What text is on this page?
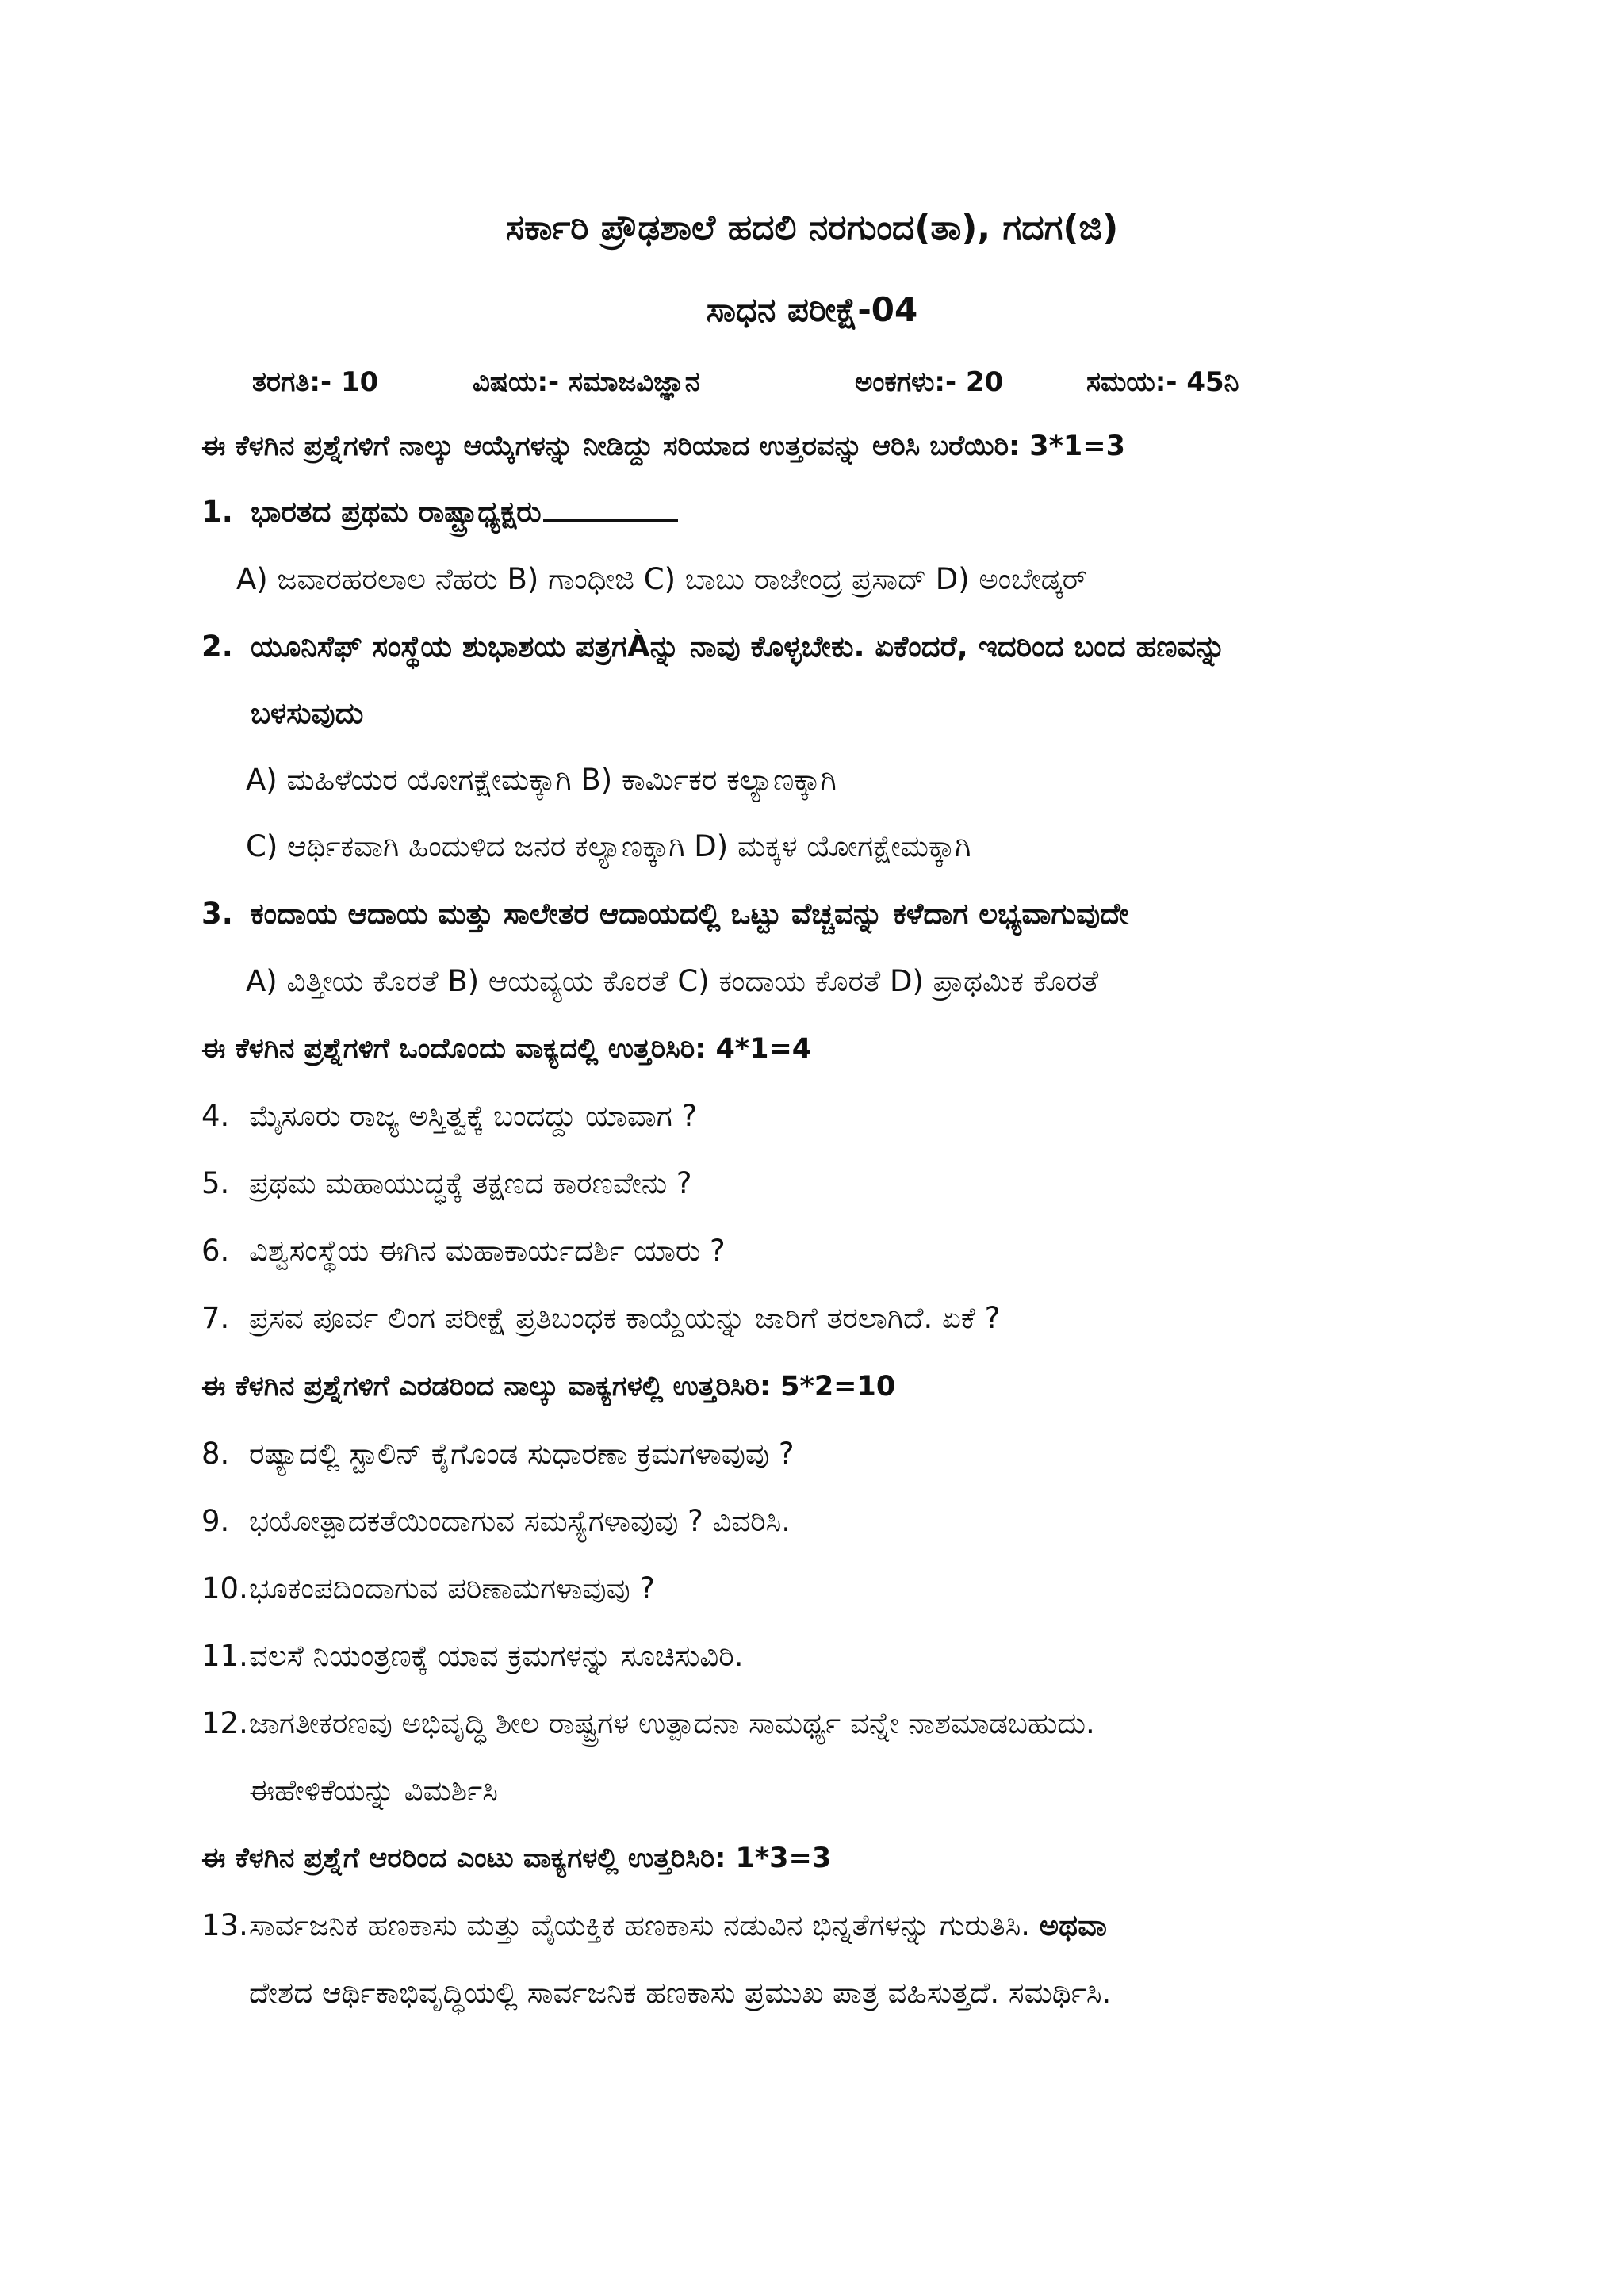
ಸರ್ಕಾರಿ ಪ್ರೌಢಶಾಲೆ ಹದಲಿ ನರಗುಂದ(ತಾ), ಗದಗ(ಜಿ)
ಸಾಧನ ಪರೀಕ್ಷೆ-04
ತರಗತಿ:- 10	ವಿಷಯ:- ಸಮಾಜವಿಜ್ಞಾನ	ಅಂಕಗಳು:- 20	ಸಮಯ:- 45ನಿ
ಈ ಕೆಳಗಿನ ಪ್ರಶ್ನೆಗಳಿಗೆ ನಾಲ್ಕು ಆಯ್ಕೆಗಳನ್ನು ನೀಡಿದ್ದು ಸರಿಯಾದ ಉತ್ತರವನ್ನು ಆರಿಸಿ ಬರೆಯಿರಿ: 3*1=3
1. ಭಾರತದ ಪ್ರಥಮ ರಾಷ್ಟ್ರಾಧ್ಯಕ್ಷರು
A) ಜವಾರಹರಲಾಲ ನೆಹರು B) ಗಾಂಧೀಜಿ C) ಬಾಬು ರಾಜೇಂದ್ರ ಪ್ರಸಾದ್ D) ಅಂಬೇಡ್ಕರ್
2. ಯೂನಿಸೆಫ್ ಸಂಸ್ಥೆಯ ಶುಭಾಶಯ ಪತ್ರಗÀನ್ನು ನಾವು ಕೊಳ್ಳಬೇಕು. ಏಕೆಂದರೆ, ಇದರಿಂದ ಬಂದ ಹಣವನ್ನು
ಬಳಸುವುದು
A) ಮಹಿಳೆಯರ ಯೋಗಕ್ಷೇಮಕ್ಕಾಗಿ B) ಕಾರ್ಮಿಕರ ಕಲ್ಯಾಣಕ್ಕಾಗಿ
C) ಆರ್ಥಿಕವಾಗಿ ಹಿಂದುಳಿದ ಜನರ ಕಲ್ಯಾಣಕ್ಕಾಗಿ D) ಮಕ್ಕಳ ಯೋಗಕ್ಷೇಮಕ್ಕಾಗಿ
3. ಕಂದಾಯ ಆದಾಯ ಮತ್ತು ಸಾಲೇತರ ಆದಾಯದಲ್ಲಿ ಒಟ್ಟು ವೆಚ್ಚವನ್ನು ಕಳೆದಾಗ ಲಭ್ಯವಾಗುವುದೇ
A) ವಿತ್ತೀಯ ಕೊರತೆ B) ಆಯವ್ಯಯ ಕೊರತೆ C) ಕಂದಾಯ ಕೊರತೆ D) ಪ್ರಾಥಮಿಕ ಕೊರತೆ
ಈ ಕೆಳಗಿನ ಪ್ರಶ್ನೆಗಳಿಗೆ ಒಂದೊಂದು ವಾಕ್ಯದಲ್ಲಿ ಉತ್ತರಿಸಿರಿ: 4*1=4
4. ಮೈಸೂರು ರಾಜ್ಯ ಅಸ್ತಿತ್ವಕ್ಕೆ ಬಂದದ್ದು ಯಾವಾಗ ?
5. ಪ್ರಥಮ ಮಹಾಯುದ್ಧಕ್ಕೆ ತಕ್ಷಣದ ಕಾರಣವೇನು ?
6. ವಿಶ್ವಸಂಸ್ಥೆಯ ಈಗಿನ ಮಹಾಕಾರ್ಯದರ್ಶಿ ಯಾರು ?
7. ಪ್ರಸವ ಪೂರ್ವ ಲಿಂಗ ಪರೀಕ್ಷೆ ಪ್ರತಿಬಂಧಕ ಕಾಯ್ದೆಯನ್ನು ಜಾರಿಗೆ ತರಲಾಗಿದೆ. ಏಕೆ ?
ಈ ಕೆಳಗಿನ ಪ್ರಶ್ನೆಗಳಿಗೆ ಎರಡರಿಂದ ನಾಲ್ಕು ವಾಕ್ಯಗಳಲ್ಲಿ ಉತ್ತರಿಸಿರಿ: 5*2=10
8. ರಷ್ಯಾದಲ್ಲಿ ಸ್ಟಾಲಿನ್ ಕೈಗೊಂಡ ಸುಧಾರಣಾ ಕ್ರಮಗಳಾವುವು ?
9. ಭಯೋತ್ಪಾದಕತೆಯಿಂದಾಗುವ ಸಮಸ್ಯೆಗಳಾವುವು ? ವಿವರಿಸಿ.
10.ಭೂಕಂಪದಿಂದಾಗುವ ಪರಿಣಾಮಗಳಾವುವು ?
11.ವಲಸೆ ನಿಯಂತ್ರಣಕ್ಕೆ ಯಾವ ಕ್ರಮಗಳನ್ನು ಸೂಚಿಸುವಿರಿ.
12.ಜಾಗತೀಕರಣವು ಅಭಿವೃದ್ಧಿ ಶೀಲ ರಾಷ್ಟ್ರಗಳ ಉತ್ಪಾದನಾ ಸಾಮರ್ಥ್ಯ ವನ್ನೇ ನಾಶಮಾಡಬಹುದು.
ಈಹೇಳಿಕೆಯನ್ನು ವಿಮರ್ಶಿಸಿ
ಈ ಕೆಳಗಿನ ಪ್ರಶ್ನೆಗೆ ಆರರಿಂದ ಎಂಟು ವಾಕ್ಯಗಳಲ್ಲಿ ಉತ್ತರಿಸಿರಿ: 1*3=3
13.ಸಾರ್ವಜನಿಕ ಹಣಕಾಸು ಮತ್ತು ವೈಯಕ್ತಿಕ ಹಣಕಾಸು ನಡುವಿನ ಭಿನ್ನತೆಗಳನ್ನು ಗುರುತಿಸಿ. ಅಥವಾ
ದೇಶದ ಆರ್ಥಿಕಾಭಿವೃದ್ಧಿಯಲ್ಲಿ ಸಾರ್ವಜನಿಕ ಹಣಕಾಸು ಪ್ರಮುಖ ಪಾತ್ರ ವಹಿಸುತ್ತದೆ. ಸಮರ್ಥಿಸಿ.
